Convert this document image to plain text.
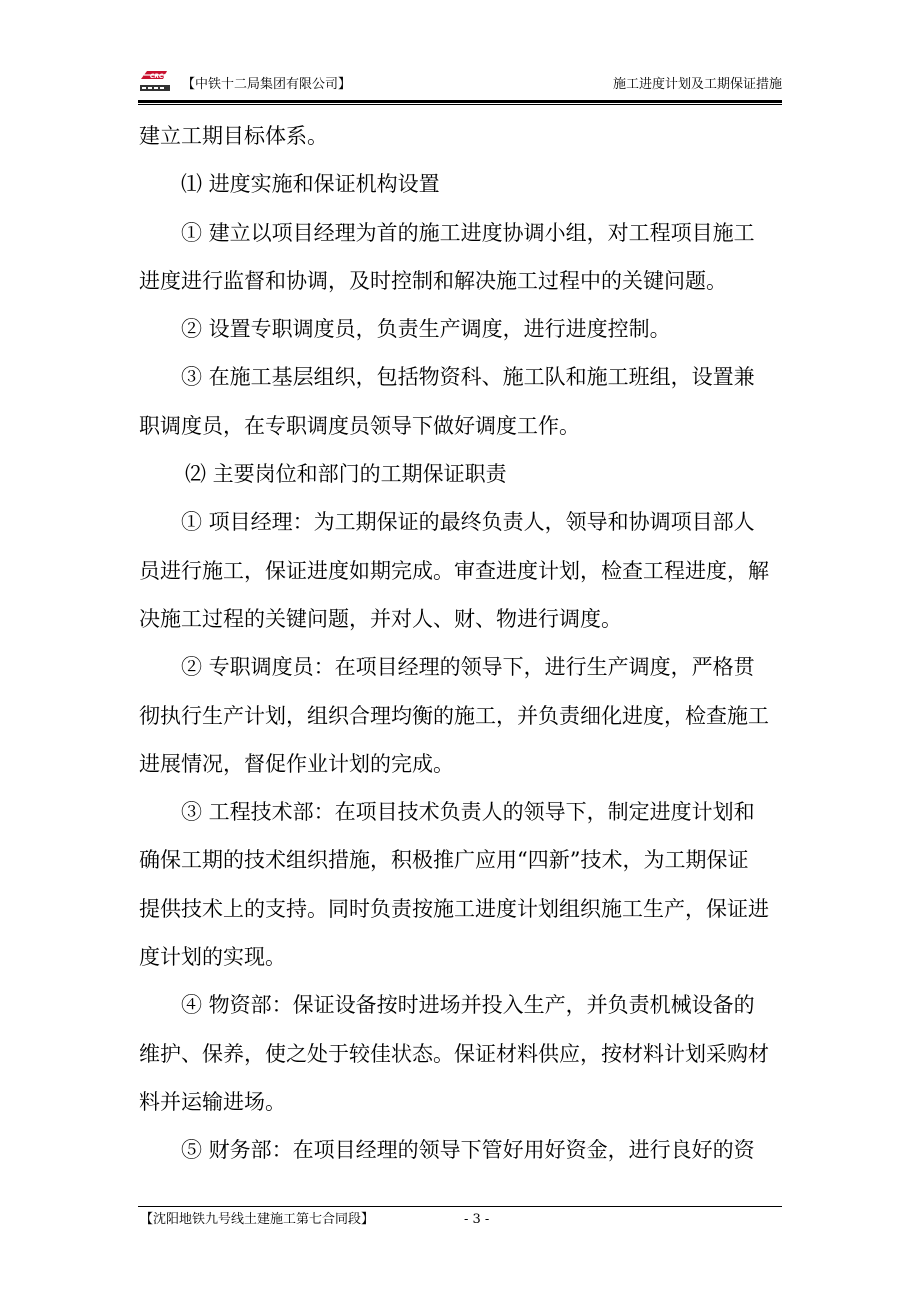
CRCC
【中铁十二局集团有限公司】	施工进度计划及工期保证措施
建立工期目标体系。
⑴ 进度实施和保证机构设置
① 建立以项目经理为首的施工进度协调小组，对工程项目施工
进度进行监督和协调，及时控制和解决施工过程中的关键问题。
② 设置专职调度员，负责生产调度，进行进度控制。
③ 在施工基层组织，包括物资科、施工队和施工班组，设置兼
职调度员，在专职调度员领导下做好调度工作。
⑵ 主要岗位和部门的工期保证职责
① 项目经理：为工期保证的最终负责人，领导和协调项目部人
员进行施工，保证进度如期完成。审查进度计划，检查工程进度，解
决施工过程的关键问题，并对人、财、物进行调度。
② 专职调度员：在项目经理的领导下，进行生产调度，严格贯
彻执行生产计划，组织合理均衡的施工，并负责细化进度，检查施工
进展情况，督促作业计划的完成。
③ 工程技术部：在项目技术负责人的领导下，制定进度计划和
确保工期的技术组织措施，积极推广应用“四新”技术，为工期保证
提供技术上的支持。同时负责按施工进度计划组织施工生产，保证进
度计划的实现。
④ 物资部：保证设备按时进场并投入生产，并负责机械设备的
维护、保养，使之处于较佳状态。保证材料供应，按材料计划采购材
料并运输进场。
⑤ 财务部：在项目经理的领导下管好用好资金，进行良好的资
【沈阳地铁九号线土建施工第七合同段】	- 3 -
